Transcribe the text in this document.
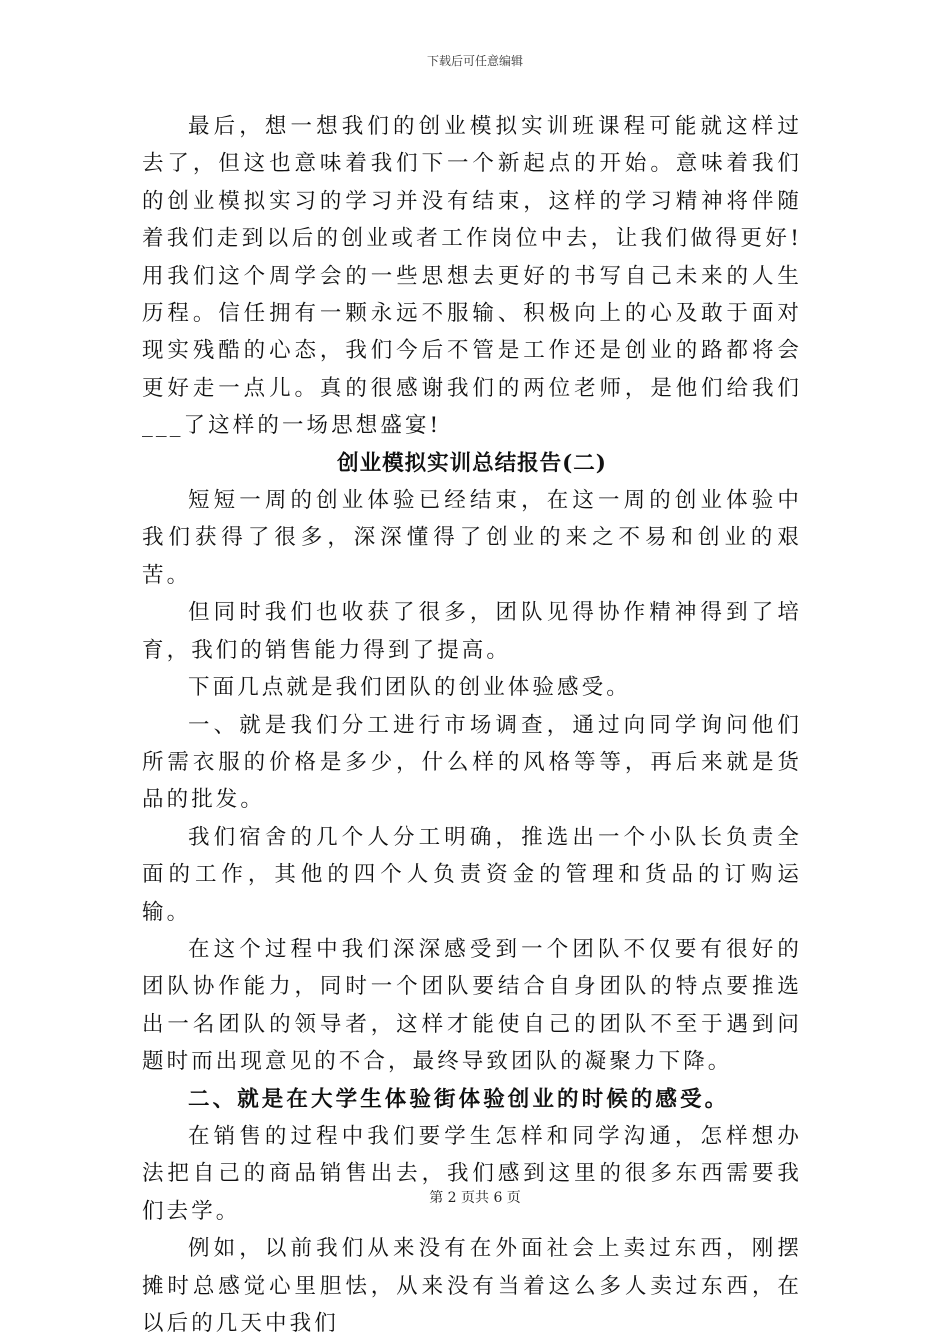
下载后可任意编辑

最后，想一想我们的创业模拟实训班课程可能就这样过去了，但这也意味着我们下一个新起点的开始。意味着我们的创业模拟实习的学习并没有结束，这样的学习精神将伴随着我们走到以后的创业或者工作岗位中去，让我们做得更好!用我们这个周学会的一些思想去更好的书写自己未来的人生历程。信任拥有一颗永远不服输、积极向上的心及敢于面对现实残酷的心态，我们今后不管是工作还是创业的路都将会更好走一点儿。真的很感谢我们的两位老师，是他们给我们___了这样的一场思想盛宴!

创业模拟实训总结报告(二)

短短一周的创业体验已经结束，在这一周的创业体验中我们获得了很多，深深懂得了创业的来之不易和创业的艰苦。

但同时我们也收获了很多，团队见得协作精神得到了培育，我们的销售能力得到了提高。

下面几点就是我们团队的创业体验感受。

一、就是我们分工进行市场调查，通过向同学询问他们所需衣服的价格是多少，什么样的风格等等，再后来就是货品的批发。

我们宿舍的几个人分工明确，推选出一个小队长负责全面的工作，其他的四个人负责资金的管理和货品的订购运输。

在这个过程中我们深深感受到一个团队不仅要有很好的团队协作能力，同时一个团队要结合自身团队的特点要推选出一名团队的领导者，这样才能使自己的团队不至于遇到问题时而出现意见的不合，最终导致团队的凝聚力下降。

二、就是在大学生体验街体验创业的时候的感受。

在销售的过程中我们要学生怎样和同学沟通，怎样想办法把自己的商品销售出去，我们感到这里的很多东西需要我们去学。

例如，以前我们从来没有在外面社会上卖过东西，刚摆摊时总感觉心里胆怯，从来没有当着这么多人卖过东西，在以后的几天中我们

第 2 页共 6 页
